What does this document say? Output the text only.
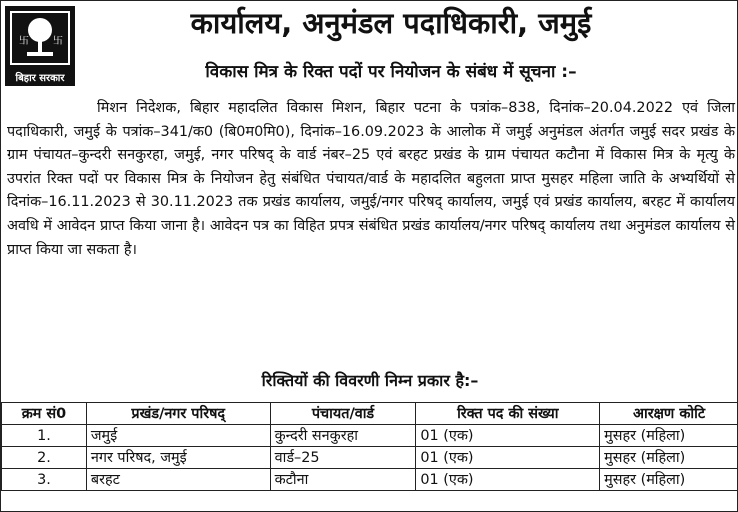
卐 卐
बिहार सरकार
कार्यालय, अनुमंडल पदाधिकारी, जमुई
विकास मित्र के रिक्त पदों पर नियोजन के संबंध में सूचना :–

मिशन निदेशक, बिहार महादलित विकास मिशन, बिहार पटना के पत्रांक–838, दिनांक–20.04.2022 एवं जिला पदाधिकारी, जमुई के पत्रांक–341/क0 (बि0म0मि0), दिनांक–16.09.2023 के आलोक में जमुई अनुमंडल अंतर्गत जमुई सदर प्रखंड के ग्राम पंचायत–कुन्दरी सनकुरहा, जमुई, नगर परिषद् के वार्ड नंबर–25 एवं बरहट प्रखंड के ग्राम पंचायत कटौना में विकास मित्र के मृत्यु के उपरांत रिक्त पदों पर विकास मित्र के नियोजन हेतु संबंधित पंचायत/वार्ड के महादलित बहुलता प्राप्त मुसहर महिला जाति के अभ्यर्थियों से दिनांक–16.11.2023 से 30.11.2023 तक प्रखंड कार्यालय, जमुई/नगर परिषद् कार्यालय, जमुई एवं प्रखंड कार्यालय, बरहट में कार्यालय अवधि में आवेदन प्राप्त किया जाना है। आवेदन पत्र का विहित प्रपत्र संबंधित प्रखंड कार्यालय/नगर परिषद् कार्यालय तथा अनुमंडल कार्यालय से प्राप्त किया जा सकता है।

रिक्तियों की विवरणी निम्न प्रकार है:–
क्रम सं0	प्रखंड/नगर परिषद्	पंचायत/वार्ड	रिक्त पद की संख्या	आरक्षण कोटि
1.	जमुई	कुन्दरी सनकुरहा	01 (एक)	मुसहर (महिला)
2.	नगर परिषद, जमुई	वार्ड–25	01 (एक)	मुसहर (महिला)
3.	बरहट	कटौना	01 (एक)	मुसहर (महिला)
